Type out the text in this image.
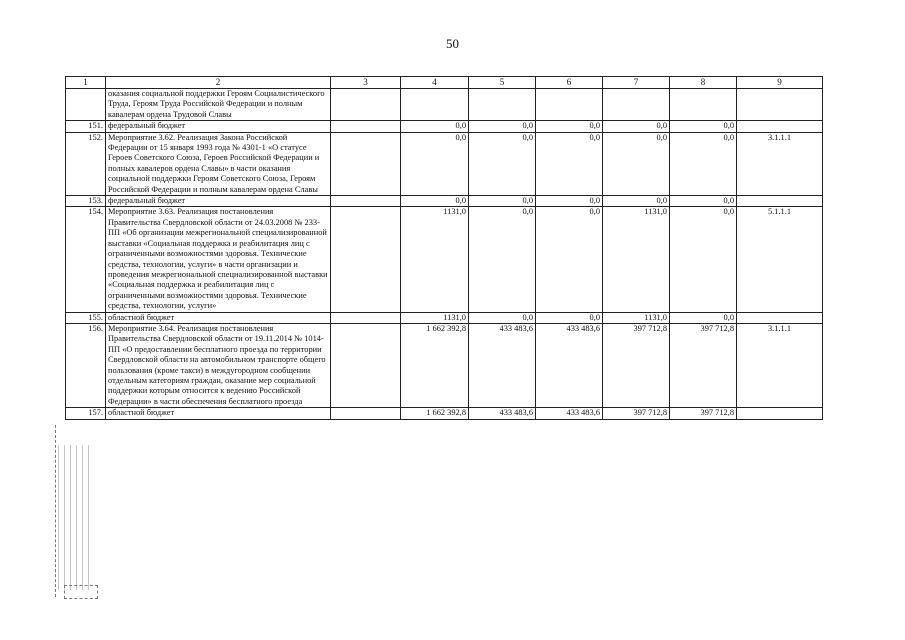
50
1	2	3	4	5	6	7	8	9
	оказания социальной поддержки Героям Социалистического Труда, Героям Труда Российской Федерации и полным кавалерам ордена Трудовой Славы							
151.	федеральный бюджет		0,0	0,0	0,0	0,0	0,0	
152.	Мероприятие 3.62. Реализация Закона Российской Федерации от 15 января 1993 года № 4301-1 «О статусе Героев Советского Союза, Героев Российской Федерации и полных кавалеров ордена Славы» в части оказания социальной поддержки Героям Советского Союза, Героям Российской Федерации и полным кавалерам ордена Славы		0,0	0,0	0,0	0,0	0,0	3.1.1.1
153.	федеральный бюджет		0,0	0,0	0,0	0,0	0,0	
154.	Мероприятие 3.63. Реализация постановления Правительства Свердловской области от 24.03.2008 № 233-ПП «Об организации межрегиональной специализированной выставки «Социальная поддержка и реабилитация лиц с ограниченными возможностями здоровья. Технические средства, технологии, услуги» в части организации и проведения межрегиональной специализированной выставки «Социальная поддержка и реабилитация лиц с ограниченными возможностями здоровья. Технические средства, технологии, услуги»		1131,0	0,0	0,0	1131,0	0,0	5.1.1.1
155.	областной бюджет		1131,0	0,0	0,0	1131,0	0,0	
156.	Мероприятие 3.64. Реализация постановления Правительства Свердловской области от 19.11.2014 № 1014-ПП «О предоставлении бесплатного проезда по территории Свердловской области на автомобильном транспорте общего пользования (кроме такси) в междугородном сообщении отдельным категориям граждан, оказание мер социальной поддержки которым относится к ведению Российской Федерации» в части обеспечения бесплатного проезда		1 662 392,8	433 483,6	433 483,6	397 712,8	397 712,8	3.1.1.1
157.	областной бюджет		1 662 392,8	433 483,6	433 483,6	397 712,8	397 712,8	
